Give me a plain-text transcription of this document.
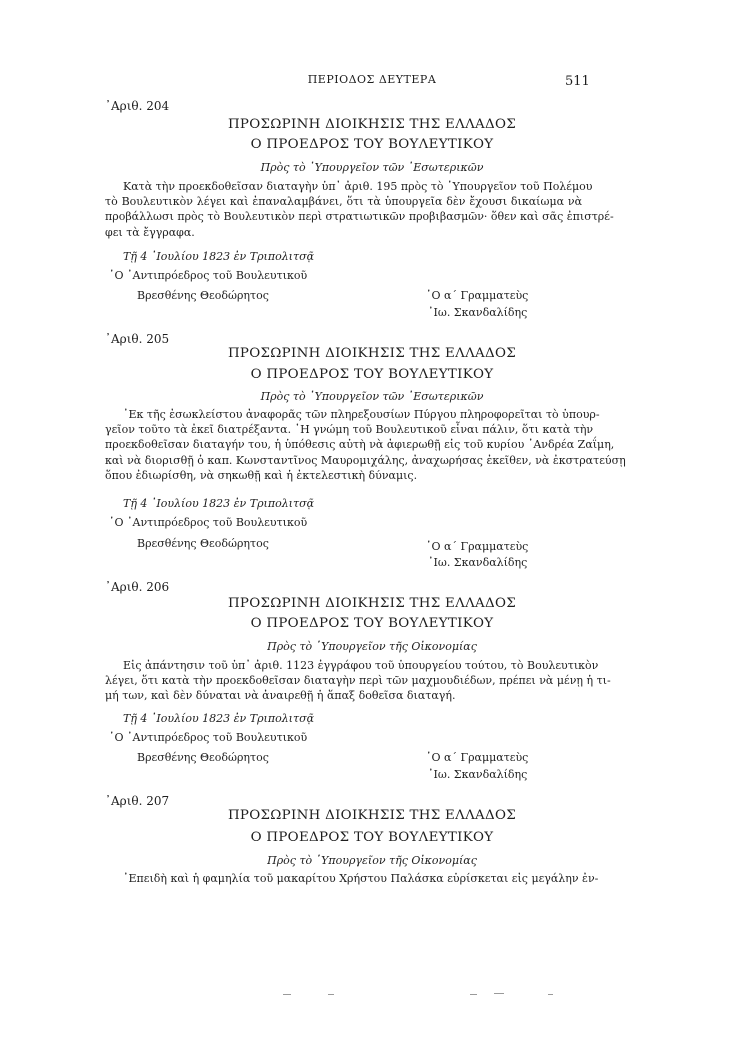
ΠΕΡΙΟΔΟΣ ΔΕΥΤΕΡΑ	511
᾿Αριθ. 204
ΠΡΟΣΩΡΙΝΗ ΔΙΟΙΚΗΣΙΣ ΤΗΣ ΕΛΛΑΔΟΣ
Ο ΠΡΟΕΔΡΟΣ ΤΟΥ ΒΟΥΛΕΥΤΙΚΟΥ
Πρὸς τὸ ῾Υπουργεῖον τῶν ᾿Εσωτερικῶν
Κατὰ τὴν προεκδοθεῖσαν διαταγὴν ὑπ᾿ ἀριθ. 195 πρὸς τὸ ῾Υπουργεῖον τοῦ Πολέμου
τὸ Βουλευτικὸν λέγει καὶ ἐπαναλαμβάνει, ὅτι τὰ ὑπουργεῖα δὲν ἔχουσι δικαίωμα νὰ
προβάλλωσι πρὸς τὸ Βουλευτικὸν περὶ στρατιωτικῶν προβιβασμῶν· ὅθεν καὶ σᾶς ἐπιστρέ-
φει τὰ ἔγγραφα.
Τῇ 4 ᾿Ιουλίου 1823 ἐν Τριπολιτσᾷ
῾Ο ᾿Αντιπρόεδρος τοῦ Βουλευτικοῦ
Βρεσθένης Θεοδώρητος	῾Ο α´ Γραμματεὺς
᾿Ιω. Σκανδαλίδης
᾿Αριθ. 205
ΠΡΟΣΩΡΙΝΗ ΔΙΟΙΚΗΣΙΣ ΤΗΣ ΕΛΛΑΔΟΣ
Ο ΠΡΟΕΔΡΟΣ ΤΟΥ ΒΟΥΛΕΥΤΙΚΟΥ
Πρὸς τὸ ῾Υπουργεῖον τῶν ᾿Εσωτερικῶν
᾿Εκ τῆς ἐσωκλείστου ἀναφορᾶς τῶν πληρεξουσίων Πύργου πληροφορεῖται τὸ ὑπουρ-
γεῖον τοῦτο τὰ ἐκεῖ διατρέξαντα. ῾Η γνώμη τοῦ Βουλευτικοῦ εἶναι πάλιν, ὅτι κατὰ τὴν
προεκδοθεῖσαν διαταγήν του, ἡ ὑπόθεσις αὐτὴ νὰ ἀφιερωθῇ εἰς τοῦ κυρίου ᾿Ανδρέα Ζαΐμη,
καὶ νὰ διορισθῇ ὁ καπ. Κωνσταντῖνος Μαυρομιχάλης, ἀναχωρήσας ἐκεῖθεν, νὰ ἐκστρατεύσῃ
ὅπου ἐδιωρίσθη, νὰ σηκωθῇ καὶ ἡ ἐκτελεστικὴ δύναμις.
Τῇ 4 ᾿Ιουλίου 1823 ἐν Τριπολιτσᾷ
῾Ο ᾿Αντιπρόεδρος τοῦ Βουλευτικοῦ
Βρεσθένης Θεοδώρητος	῾Ο α´ Γραμματεὺς
᾿Ιω. Σκανδαλίδης
᾿Αριθ. 206
ΠΡΟΣΩΡΙΝΗ ΔΙΟΙΚΗΣΙΣ ΤΗΣ ΕΛΛΑΔΟΣ
Ο ΠΡΟΕΔΡΟΣ ΤΟΥ ΒΟΥΛΕΥΤΙΚΟΥ
Πρὸς τὸ ῾Υπουργεῖον τῆς Οἰκονομίας
Εἰς ἀπάντησιν τοῦ ὑπ᾿ ἀριθ. 1123 ἐγγράφου τοῦ ὑπουργείου τούτου, τὸ Βουλευτικὸν
λέγει, ὅτι κατὰ τὴν προεκδοθεῖσαν διαταγὴν περὶ τῶν μαχμουδιέδων, πρέπει νὰ μένῃ ἡ τι-
μή των, καὶ δὲν δύναται νὰ ἀναιρεθῇ ἡ ἅπαξ δοθεῖσα διαταγή.
Τῇ 4 ᾿Ιουλίου 1823 ἐν Τριπολιτσᾷ
῾Ο ᾿Αντιπρόεδρος τοῦ Βουλευτικοῦ
Βρεσθένης Θεοδώρητος	῾Ο α´ Γραμματεὺς
᾿Ιω. Σκανδαλίδης
᾿Αριθ. 207
ΠΡΟΣΩΡΙΝΗ ΔΙΟΙΚΗΣΙΣ ΤΗΣ ΕΛΛΑΔΟΣ
Ο ΠΡΟΕΔΡΟΣ ΤΟΥ ΒΟΥΛΕΥΤΙΚΟΥ
Πρὸς τὸ ῾Υπουργεῖον τῆς Οἰκονομίας
᾿Επειδὴ καὶ ἡ φαμηλία τοῦ μακαρίτου Χρήστου Παλάσκα εὑρίσκεται εἰς μεγάλην ἐν-
